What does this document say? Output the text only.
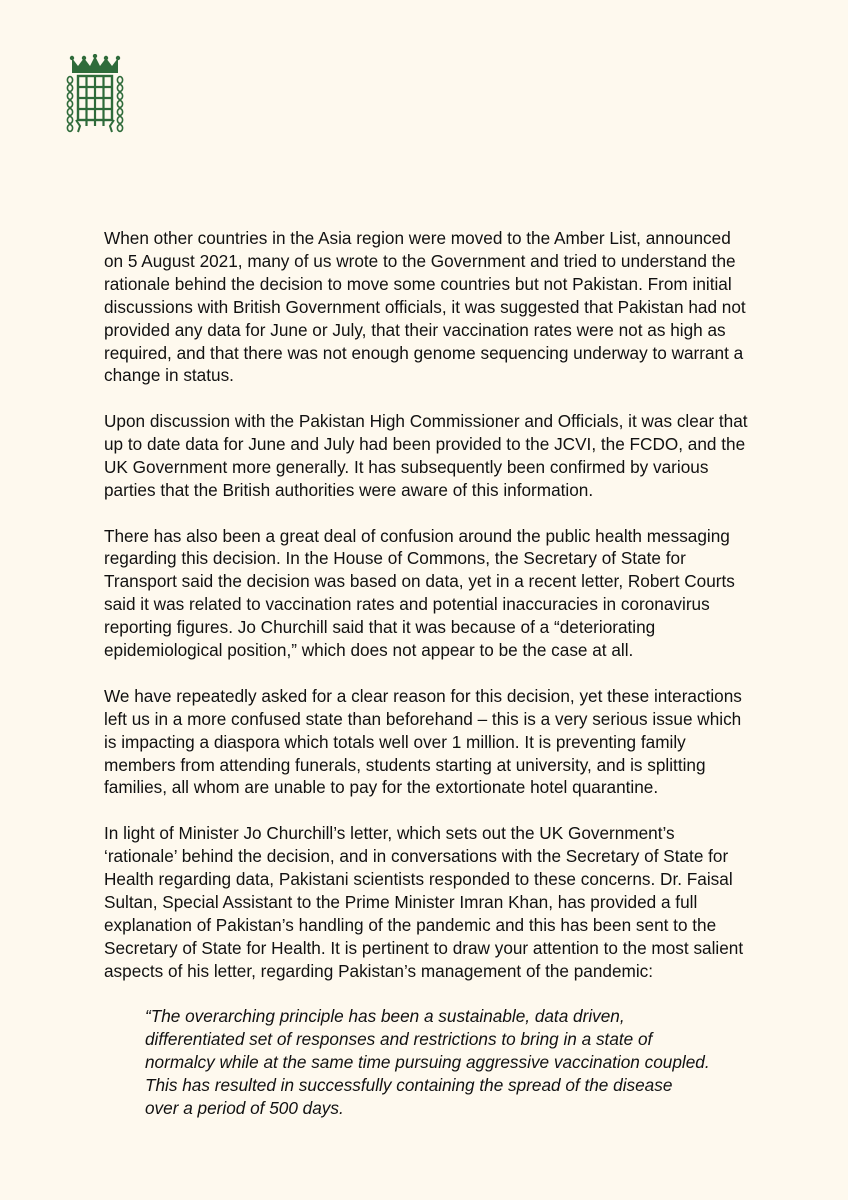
When other countries in the Asia region were moved to the Amber List, announced
on 5 August 2021, many of us wrote to the Government and tried to understand the
rationale behind the decision to move some countries but not Pakistan. From initial
discussions with British Government officials, it was suggested that Pakistan had not
provided any data for June or July, that their vaccination rates were not as high as
required, and that there was not enough genome sequencing underway to warrant a
change in status.

Upon discussion with the Pakistan High Commissioner and Officials, it was clear that
up to date data for June and July had been provided to the JCVI, the FCDO, and the
UK Government more generally. It has subsequently been confirmed by various
parties that the British authorities were aware of this information.

There has also been a great deal of confusion around the public health messaging
regarding this decision. In the House of Commons, the Secretary of State for
Transport said the decision was based on data, yet in a recent letter, Robert Courts
said it was related to vaccination rates and potential inaccuracies in coronavirus
reporting figures. Jo Churchill said that it was because of a “deteriorating
epidemiological position,” which does not appear to be the case at all.

We have repeatedly asked for a clear reason for this decision, yet these interactions
left us in a more confused state than beforehand – this is a very serious issue which
is impacting a diaspora which totals well over 1 million. It is preventing family
members from attending funerals, students starting at university, and is splitting
families, all whom are unable to pay for the extortionate hotel quarantine.

In light of Minister Jo Churchill’s letter, which sets out the UK Government’s
‘rationale’ behind the decision, and in conversations with the Secretary of State for
Health regarding data, Pakistani scientists responded to these concerns. Dr. Faisal
Sultan, Special Assistant to the Prime Minister Imran Khan, has provided a full
explanation of Pakistan’s handling of the pandemic and this has been sent to the
Secretary of State for Health. It is pertinent to draw your attention to the most salient
aspects of his letter, regarding Pakistan’s management of the pandemic:

“The overarching principle has been a sustainable, data driven,
differentiated set of responses and restrictions to bring in a state of
normalcy while at the same time pursuing aggressive vaccination coupled.
This has resulted in successfully containing the spread of the disease
over a period of 500 days.
